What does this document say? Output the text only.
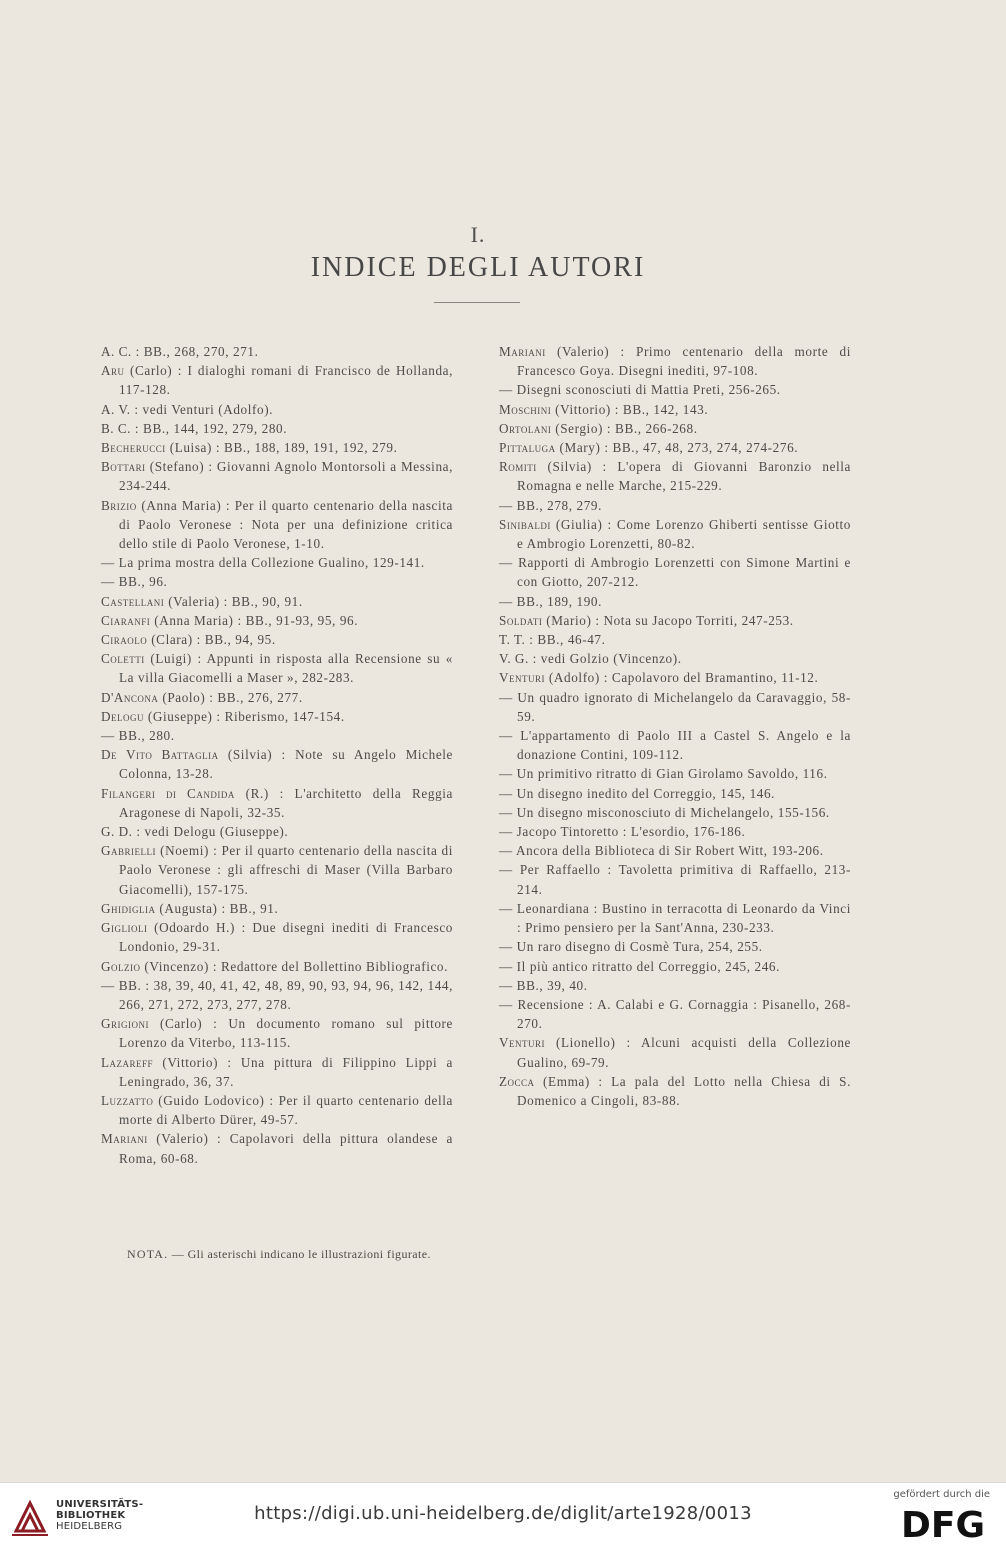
I.
INDICE DEGLI AUTORI
A. C. : BB., 268, 270, 271.
Aru (Carlo) : I dialoghi romani di Francisco de Hollanda, 117-128.
A. V. : vedi Venturi (Adolfo).
B. C. : BB., 144, 192, 279, 280.
Becherucci (Luisa) : BB., 188, 189, 191, 192, 279.
Bottari (Stefano) : Giovanni Agnolo Montorsoli a Messina, 234-244.
Brizio (Anna Maria) : Per il quarto centenario della nascita di Paolo Veronese : Nota per una definizione critica dello stile di Paolo Veronese, 1-10.
— La prima mostra della Collezione Gualino, 129-141.
— BB., 96.
Castellani (Valeria) : BB., 90, 91.
Ciaranfi (Anna Maria) : BB., 91-93, 95, 96.
Ciraolo (Clara) : BB., 94, 95.
Coletti (Luigi) : Appunti in risposta alla Recensione su « La villa Giacomelli a Maser », 282-283.
D'Ancona (Paolo) : BB., 276, 277.
Delogu (Giuseppe) : Riberismo, 147-154.
— BB., 280.
De Vito Battaglia (Silvia) : Note su Angelo Michele Colonna, 13-28.
Filangeri di Candida (R.) : L'architetto della Reggia Aragonese di Napoli, 32-35.
G. D. : vedi Delogu (Giuseppe).
Gabrielli (Noemi) : Per il quarto centenario della nascita di Paolo Veronese : gli affreschi di Maser (Villa Barbaro Giacomelli), 157-175.
Ghidiglia (Augusta) : BB., 91.
Giglioli (Odoardo H.) : Due disegni inediti di Francesco Londonio, 29-31.
Golzio (Vincenzo) : Redattore del Bollettino Bibliografico.
— BB. : 38, 39, 40, 41, 42, 48, 89, 90, 93, 94, 96, 142, 144, 266, 271, 272, 273, 277, 278.
Grigioni (Carlo) : Un documento romano sul pittore Lorenzo da Viterbo, 113-115.
Lazareff (Vittorio) : Una pittura di Filippino Lippi a Leningrado, 36, 37.
Luzzatto (Guido Lodovico) : Per il quarto centenario della morte di Alberto Dürer, 49-57.
Mariani (Valerio) : Capolavori della pittura olandese a Roma, 60-68.
Mariani (Valerio) : Primo centenario della morte di Francesco Goya. Disegni inediti, 97-108.
— Disegni sconosciuti di Mattia Preti, 256-265.
Moschini (Vittorio) : BB., 142, 143.
Ortolani (Sergio) : BB., 266-268.
Pittaluga (Mary) : BB., 47, 48, 273, 274, 274-276.
Romiti (Silvia) : L'opera di Giovanni Baronzio nella Romagna e nelle Marche, 215-229.
— BB., 278, 279.
Sinibaldi (Giulia) : Come Lorenzo Ghiberti sentisse Giotto e Ambrogio Lorenzetti, 80-82.
— Rapporti di Ambrogio Lorenzetti con Simone Martini e con Giotto, 207-212.
— BB., 189, 190.
Soldati (Mario) : Nota su Jacopo Torriti, 247-253.
T. T. : BB., 46-47.
V. G. : vedi Golzio (Vincenzo).
Venturi (Adolfo) : Capolavoro del Bramantino, 11-12.
— Un quadro ignorato di Michelangelo da Caravaggio, 58-59.
— L'appartamento di Paolo III a Castel S. Angelo e la donazione Contini, 109-112.
— Un primitivo ritratto di Gian Girolamo Savoldo, 116.
— Un disegno inedito del Correggio, 145, 146.
— Un disegno misconosciuto di Michelangelo, 155-156.
— Jacopo Tintoretto : L'esordio, 176-186.
— Ancora della Biblioteca di Sir Robert Witt, 193-206.
— Per Raffaello : Tavoletta primitiva di Raffaello, 213-214.
— Leonardiana : Bustino in terracotta di Leonardo da Vinci : Primo pensiero per la Sant'Anna, 230-233.
— Un raro disegno di Cosmè Tura, 254, 255.
— Il più antico ritratto del Correggio, 245, 246.
— BB., 39, 40.
— Recensione : A. Calabi e G. Cornaggia : Pisanello, 268-270.
Venturi (Lionello) : Alcuni acquisti della Collezione Gualino, 69-79.
Zocca (Emma) : La pala del Lotto nella Chiesa di S. Domenico a Cingoli, 83-88.
NOTA. — Gli asterischi indicano le illustrazioni figurate.
UNIVERSITÄTS-
BIBLIOTHEK
HEIDELBERG
https://digi.ub.uni-heidelberg.de/diglit/arte1928/0013
gefördert durch die
DFG
